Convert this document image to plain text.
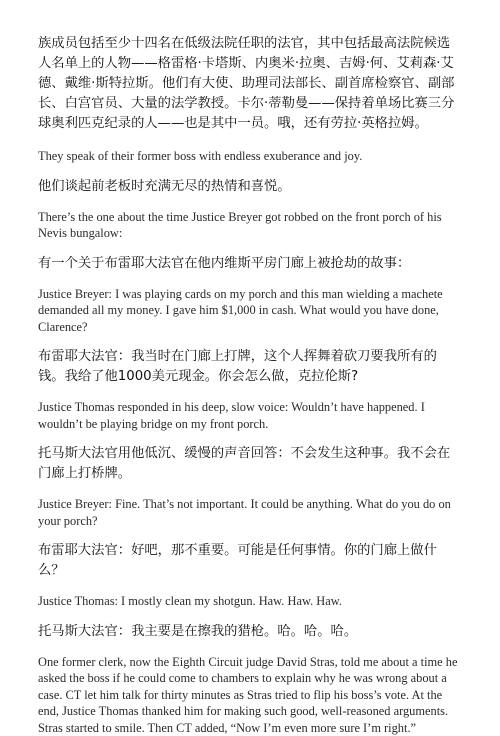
族成员包括至少十四名在低级法院任职的法官，其中包括最高法院候选人名单上的人物——格雷格·卡塔斯、内奥米·拉奥、吉姆·何、艾莉森·艾德、戴维·斯特拉斯。他们有大使、助理司法部长、副首席检察官、副部长、白宫官员、大量的法学教授。卡尔·蒂勒曼——保持着单场比赛三分球奥利匹克纪录的人——也是其中一员。哦，还有劳拉·英格拉姆。

They speak of their former boss with endless exuberance and joy.

他们谈起前老板时充满无尽的热情和喜悦。

There’s the one about the time Justice Breyer got robbed on the front porch of his Nevis bungalow:

有一个关于布雷耶大法官在他内维斯平房门廊上被抢劫的故事：

Justice Breyer: I was playing cards on my porch and this man wielding a machete demanded all my money. I gave him $1,000 in cash. What would you have done, Clarence?

布雷耶大法官：我当时在门廊上打牌，这个人挥舞着砍刀要我所有的钱。我给了他1000美元现金。你会怎么做，克拉伦斯?

Justice Thomas responded in his deep, slow voice: Wouldn’t have happened. I wouldn’t be playing bridge on my front porch.

托马斯大法官用他低沉、缓慢的声音回答：不会发生这种事。我不会在门廊上打桥牌。

Justice Breyer: Fine. That’s not important. It could be anything. What do you do on your porch?

布雷耶大法官：好吧，那不重要。可能是任何事情。你的门廊上做什么？

Justice Thomas: I mostly clean my shotgun. Haw. Haw. Haw.

托马斯大法官：我主要是在擦我的猎枪。哈。哈。哈。

One former clerk, now the Eighth Circuit judge David Stras, told me about a time he asked the boss if he could come to chambers to explain why he was wrong about a case. CT let him talk for thirty minutes as Stras tried to flip his boss’s vote. At the end, Justice Thomas thanked him for making such good, well-reasoned arguments. Stras started to smile. Then CT added, “Now I’m even more sure I’m right.”
